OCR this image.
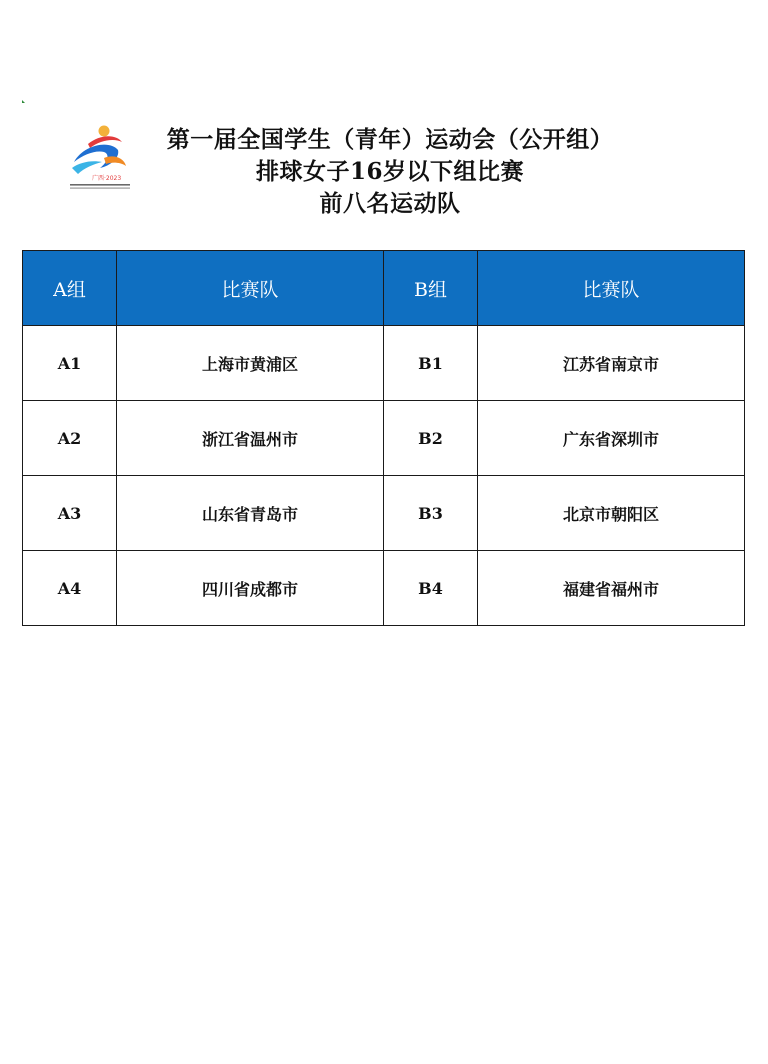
广西·2023
第一届全国学生（青年）运动会（公开组）
排球女子16岁以下组比赛
前八名运动队
A组	比赛队	B组	比赛队
A1	上海市黄浦区	B1	江苏省南京市
A2	浙江省温州市	B2	广东省深圳市
A3	山东省青岛市	B3	北京市朝阳区
A4	四川省成都市	B4	福建省福州市
